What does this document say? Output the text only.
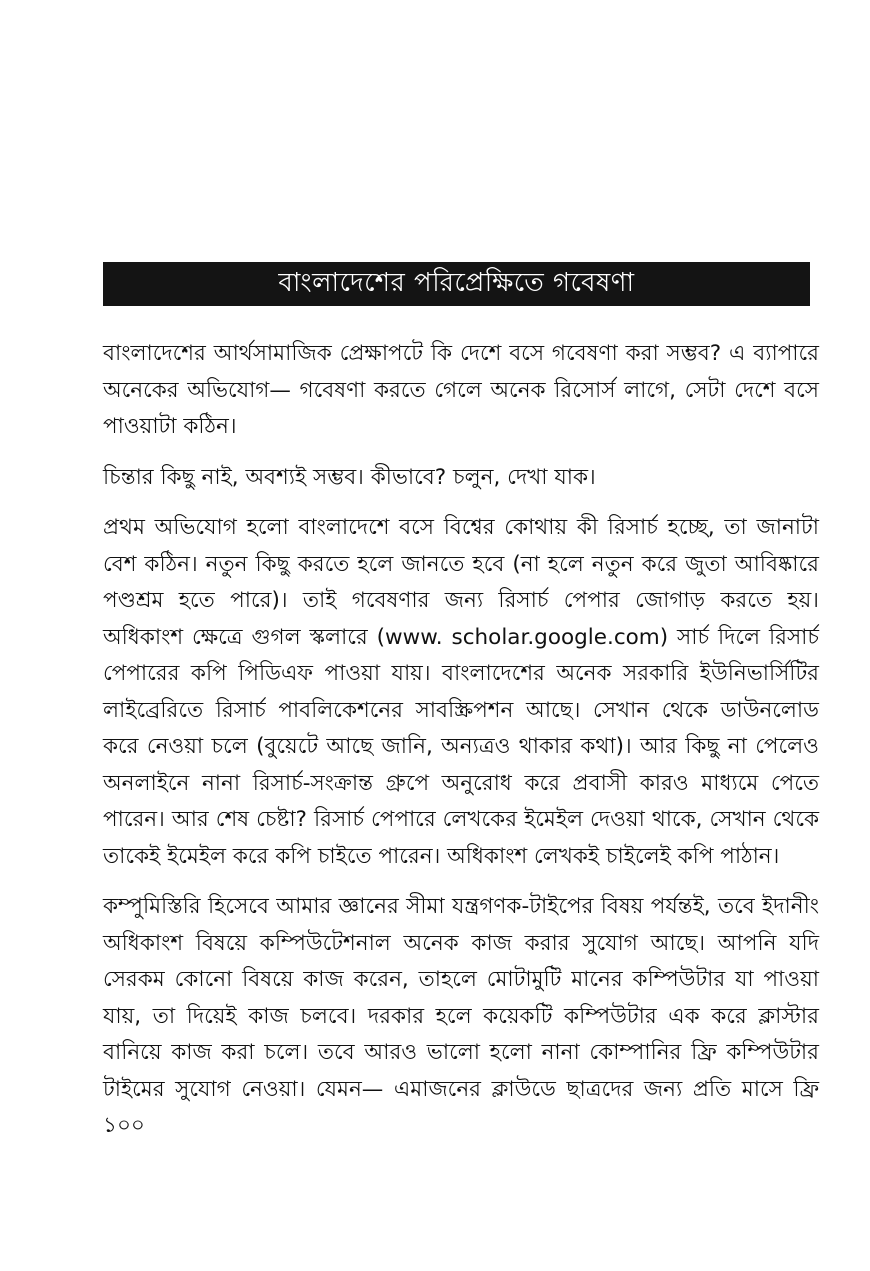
বাংলাদেশের পরিপ্রেক্ষিতে গবেষণা

বাংলাদেশের আর্থসামাজিক প্রেক্ষাপটে কি দেশে বসে গবেষণা করা সম্ভব? এ ব্যাপারে অনেকের অভিযোগ— গবেষণা করতে গেলে অনেক রিসোর্স লাগে, সেটা দেশে বসে পাওয়াটা কঠিন।

চিন্তার কিছু নাই, অবশ্যই সম্ভব। কীভাবে? চলুন, দেখা যাক।

প্রথম অভিযোগ হলো বাংলাদেশে বসে বিশ্বের কোথায় কী রিসার্চ হচ্ছে, তা জানাটা বেশ কঠিন। নতুন কিছু করতে হলে জানতে হবে (না হলে নতুন করে জুতা আবিষ্কারে পণ্ডশ্রম হতে পারে)। তাই গবেষণার জন্য রিসার্চ পেপার জোগাড় করতে হয়। অধিকাংশ ক্ষেত্রে গুগল স্কলারে (www. scholar.google.com) সার্চ দিলে রিসার্চ পেপারের কপি পিডিএফ পাওয়া যায়। বাংলাদেশের অনেক সরকারি ইউনিভার্সিটির লাইব্রেরিতে রিসার্চ পাবলিকেশনের সাবস্ক্রিপশন আছে। সেখান থেকে ডাউনলোড করে নেওয়া চলে (বুয়েটে আছে জানি, অন্যত্রও থাকার কথা)। আর কিছু না পেলেও অনলাইনে নানা রিসার্চ-সংক্রান্ত গ্রুপে অনুরোধ করে প্রবাসী কারও মাধ্যমে পেতে পারেন। আর শেষ চেষ্টা? রিসার্চ পেপারে লেখকের ইমেইল দেওয়া থাকে, সেখান থেকে তাকেই ইমেইল করে কপি চাইতে পারেন। অধিকাংশ লেখকই চাইলেই কপি পাঠান।

কম্পুমিস্তিরি হিসেবে আমার জ্ঞানের সীমা যন্ত্রগণক-টাইপের বিষয় পর্যন্তই, তবে ইদানীং অধিকাংশ বিষয়ে কম্পিউটেশনাল অনেক কাজ করার সুযোগ আছে। আপনি যদি সেরকম কোনো বিষয়ে কাজ করেন, তাহলে মোটামুটি মানের কম্পিউটার যা পাওয়া যায়, তা দিয়েই কাজ চলবে। দরকার হলে কয়েকটি কম্পিউটার এক করে ক্লাস্টার বানিয়ে কাজ করা চলে। তবে আরও ভালো হলো নানা কোম্পানির ফ্রি কম্পিউটার টাইমের সুযোগ নেওয়া। যেমন— এমাজনের ক্লাউডে ছাত্রদের জন্য প্রতি মাসে ফ্রি ১০০
